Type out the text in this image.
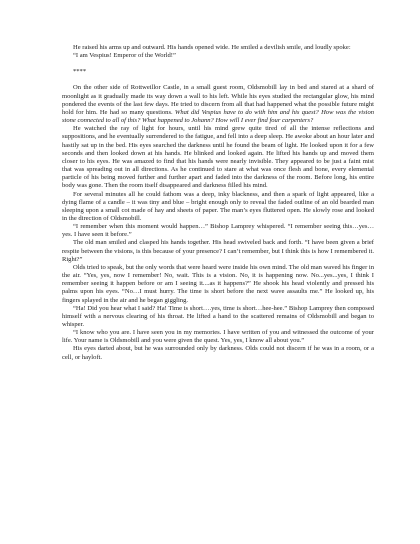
He raised his arms up and outward. His hands opened wide. He smiled a devilish smile, and loudly spoke:

“I am Vespius! Emperor of the World!”

****

On the other side of Rottweillor Castle, in a small guest room, Oldsmobill lay in bed and stared at a shard of moonlight as it gradually made its way down a wall to his left. While his eyes studied the rectangular glow, his mind pondered the events of the last few days. He tried to discern from all that had happened what the possible future might hold for him. He had so many questions. What did Vespius have to do with him and his quest? How was the vision stone connected to all of this? What happened to Johann? How will I ever find four carpenters?

He watched the ray of light for hours, until his mind grew quite tired of all the intense reflections and suppositions, and he eventually surrendered to the fatigue, and fell into a deep sleep. He awoke about an hour later and hastily sat up in the bed. His eyes searched the darkness until he found the beam of light. He looked upon it for a few seconds and then looked down at his hands. He blinked and looked again. He lifted his hands up and moved them closer to his eyes. He was amazed to find that his hands were nearly invisible. They appeared to be just a faint mist that was spreading out in all directions. As he continued to stare at what was once flesh and bone, every elemental particle of his being moved further and further apart and faded into the darkness of the room. Before long, his entire body was gone. Then the room itself disappeared and darkness filled his mind.

For several minutes all he could fathom was a deep, inky blackness, and then a spark of light appeared, like a dying flame of a candle – it was tiny and blue – bright enough only to reveal the faded outline of an old bearded man sleeping upon a small cot made of hay and sheets of paper. The man’s eyes fluttered open. He slowly rose and looked in the direction of Oldsmobill.

“I remember when this moment would happen…” Bishop Lamprey whispered. “I remember seeing this…yes…yes. I have seen it before.”

The old man smiled and clasped his hands together. His head swiveled back and forth. “I have been given a brief respite between the visions, is this because of your presence? I can’t remember, but I think this is how I remembered it. Right?”

Olds tried to speak, but the only words that were heard were inside his own mind. The old man waved his finger in the air. “Yes, yes, now I remember! No, wait. This is a vision. No, it is happening now. No...yes...yes, I think I remember seeing it happen before or am I seeing it....as it happens?” He shook his head violently and pressed his palms upon his eyes. “No…I must hurry. The time is short before the next wave assaults me.” He looked up, his fingers splayed in the air and he began giggling.

“Ha! Did you hear what I said? Ha! Time is short….yes, time is short…hee-hee.” Bishop Lamprey then composed himself with a nervous clearing of his throat. He lifted a hand to the scattered remains of Oldsmobill and began to whisper.

“I know who you are. I have seen you in my memories. I have written of you and witnessed the outcome of your life. Your name is Oldsmobill and you were given the quest. Yes, yes, I know all about you.”

His eyes darted about, but he was surrounded only by darkness. Olds could not discern if he was in a room, or a cell, or hayloft.
